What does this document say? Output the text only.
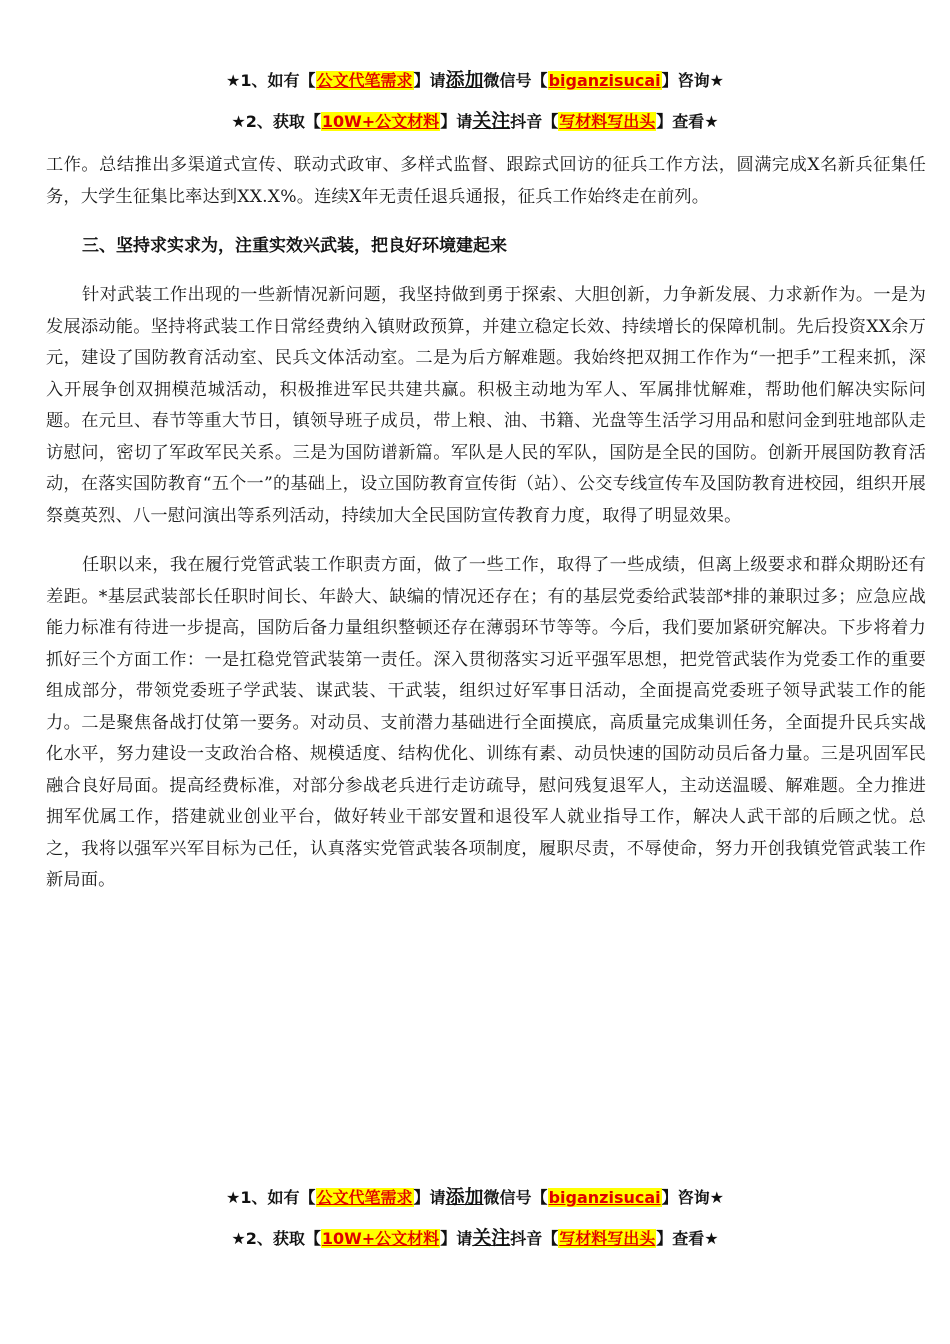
★1、如有【公文代笔需求】请添加微信号【biganzisucai】咨询★
★2、获取【10W+公文材料】请关注抖音【写材料写出头】查看★

工作。总结推出多渠道式宣传、联动式政审、多样式监督、跟踪式回访的征兵工作方法，圆满完成X名新兵征集任务，大学生征集比率达到XX.X%。连续X年无责任退兵通报，征兵工作始终走在前列。

三、坚持求实求为，注重实效兴武装，把良好环境建起来

针对武装工作出现的一些新情况新问题，我坚持做到勇于探索、大胆创新，力争新发展、力求新作为。一是为发展添动能。坚持将武装工作日常经费纳入镇财政预算，并建立稳定长效、持续增长的保障机制。先后投资XX余万元，建设了国防教育活动室、民兵文体活动室。二是为后方解难题。我始终把双拥工作作为“一把手”工程来抓，深入开展争创双拥模范城活动，积极推进军民共建共赢。积极主动地为军人、军属排忧解难，帮助他们解决实际问题。在元旦、春节等重大节日，镇领导班子成员，带上粮、油、书籍、光盘等生活学习用品和慰问金到驻地部队走访慰问，密切了军政军民关系。三是为国防谱新篇。军队是人民的军队，国防是全民的国防。创新开展国防教育活动，在落实国防教育“五个一”的基础上，设立国防教育宣传街（站）、公交专线宣传车及国防教育进校园，组织开展祭奠英烈、八一慰问演出等系列活动，持续加大全民国防宣传教育力度，取得了明显效果。

任职以来，我在履行党管武装工作职责方面，做了一些工作，取得了一些成绩，但离上级要求和群众期盼还有差距。*基层武装部长任职时间长、年龄大、缺编的情况还存在；有的基层党委给武装部*排的兼职过多；应急应战能力标准有待进一步提高，国防后备力量组织整顿还存在薄弱环节等等。今后，我们要加紧研究解决。下步将着力抓好三个方面工作：一是扛稳党管武装第一责任。深入贯彻落实习近平强军思想，把党管武装作为党委工作的重要组成部分，带领党委班子学武装、谋武装、干武装，组织过好军事日活动，全面提高党委班子领导武装工作的能力。二是聚焦备战打仗第一要务。对动员、支前潜力基础进行全面摸底，高质量完成集训任务，全面提升民兵实战化水平，努力建设一支政治合格、规模适度、结构优化、训练有素、动员快速的国防动员后备力量。三是巩固军民融合良好局面。提高经费标准，对部分参战老兵进行走访疏导，慰问残复退军人，主动送温暖、解难题。全力推进拥军优属工作，搭建就业创业平台，做好转业干部安置和退役军人就业指导工作，解决人武干部的后顾之忧。总之，我将以强军兴军目标为己任，认真落实党管武装各项制度，履职尽责，不辱使命，努力开创我镇党管武装工作新局面。

★1、如有【公文代笔需求】请添加微信号【biganzisucai】咨询★
★2、获取【10W+公文材料】请关注抖音【写材料写出头】查看★
